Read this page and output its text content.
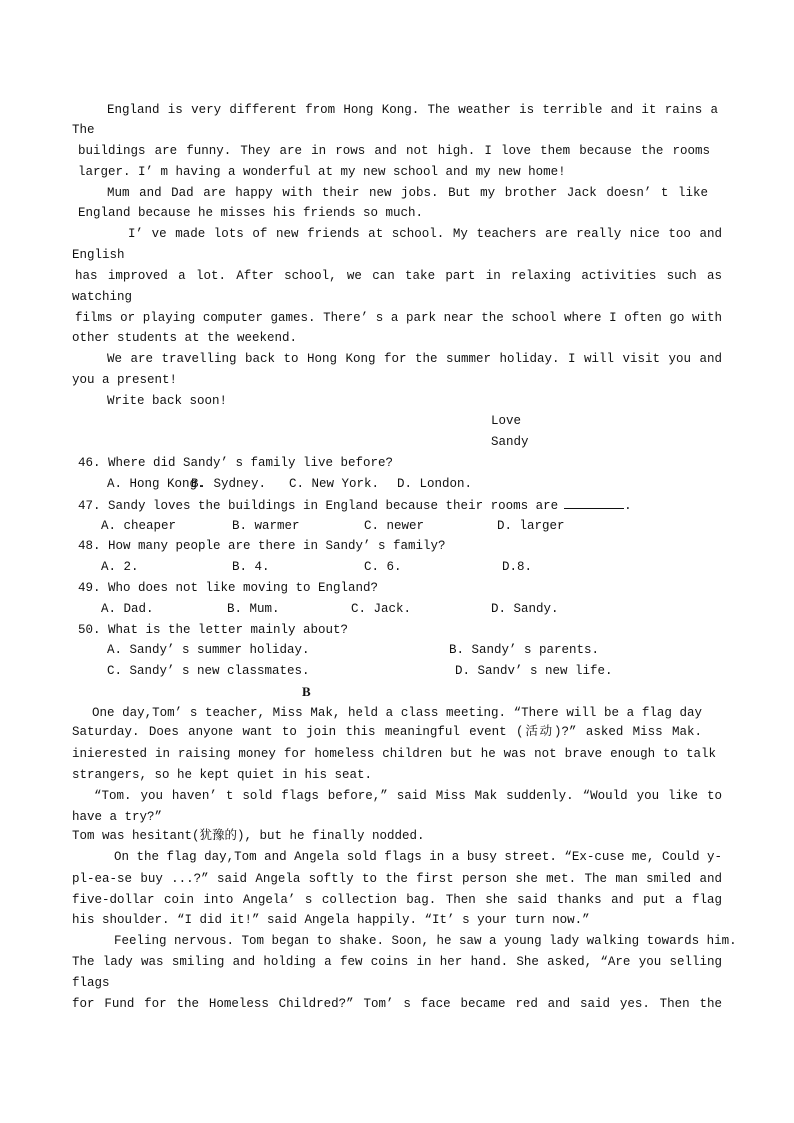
England is very different from Hong Kong. The weather is terrible and it rains a
The
buildings are funny. They are in rows and not high. I love them because the rooms
larger. I’ m having a wonderful at my new school and my new home!
Mum and Dad are happy with their new jobs. But my brother Jack doesn’ t like
England because he misses his friends so much.
I’ ve made lots of new friends at school. My teachers are really nice too and
English
has improved a lot. After school, we can take part in relaxing activities such as
watching
films or playing computer games. There’ s a park near the school where I often go with
other students at the weekend.
We are travelling back to Hong Kong for the summer holiday. I will visit you and
you a present!
Write back soon!
Love
Sandy
46. Where did Sandy’ s family live before?
A. Hong Kong.
B. Sydney. C. New York. D. London.
47. Sandy loves the buildings in England because their rooms are	.
A. cheaper	B. warmer	C. newer	D. larger
48. How many people are there in Sandy’ s family?
A. 2.	B. 4.	C. 6.	D.8.
49. Who does not like moving to England?
A. Dad.	B. Mum.	C. Jack.	D. Sandy.
50. What is the letter mainly about?
A. Sandy’ s summer holiday.	B. Sandy’ s parents.
C. Sandy’ s new classmates.	D. Sandv’ s new life.
B
One day,Tom’ s teacher, Miss Mak, held a class meeting. “There will be a flag day
Saturday. Does anyone want to join this meaningful event (活动)?” asked Miss Mak.
inierested in raising money for homeless children but he was not brave enough to talk
strangers, so he kept quiet in his seat.
“Tom. you haven’ t sold flags before,” said Miss Mak suddenly. “Would you like to
have a try?”
Tom was hesitant(犹豫的), but he finally nodded.
On the flag day,Tom and Angela sold flags in a busy street. “Ex-cuse me, Could y-
pl-ea-se buy ...?” said Angela softly to the first person she met. The man smiled and
five-dollar coin into Angela’ s collection bag. Then she said thanks and put a flag
his shoulder. “I did it!” said Angela happily. “It’ s your turn now.”
Feeling nervous. Tom began to shake. Soon, he saw a young lady walking towards him.
The lady was smiling and holding a few coins in her hand. She asked, “Are you selling
flags
for Fund for the Homeless Childred?” Tom’ s face became red and said yes. Then the
